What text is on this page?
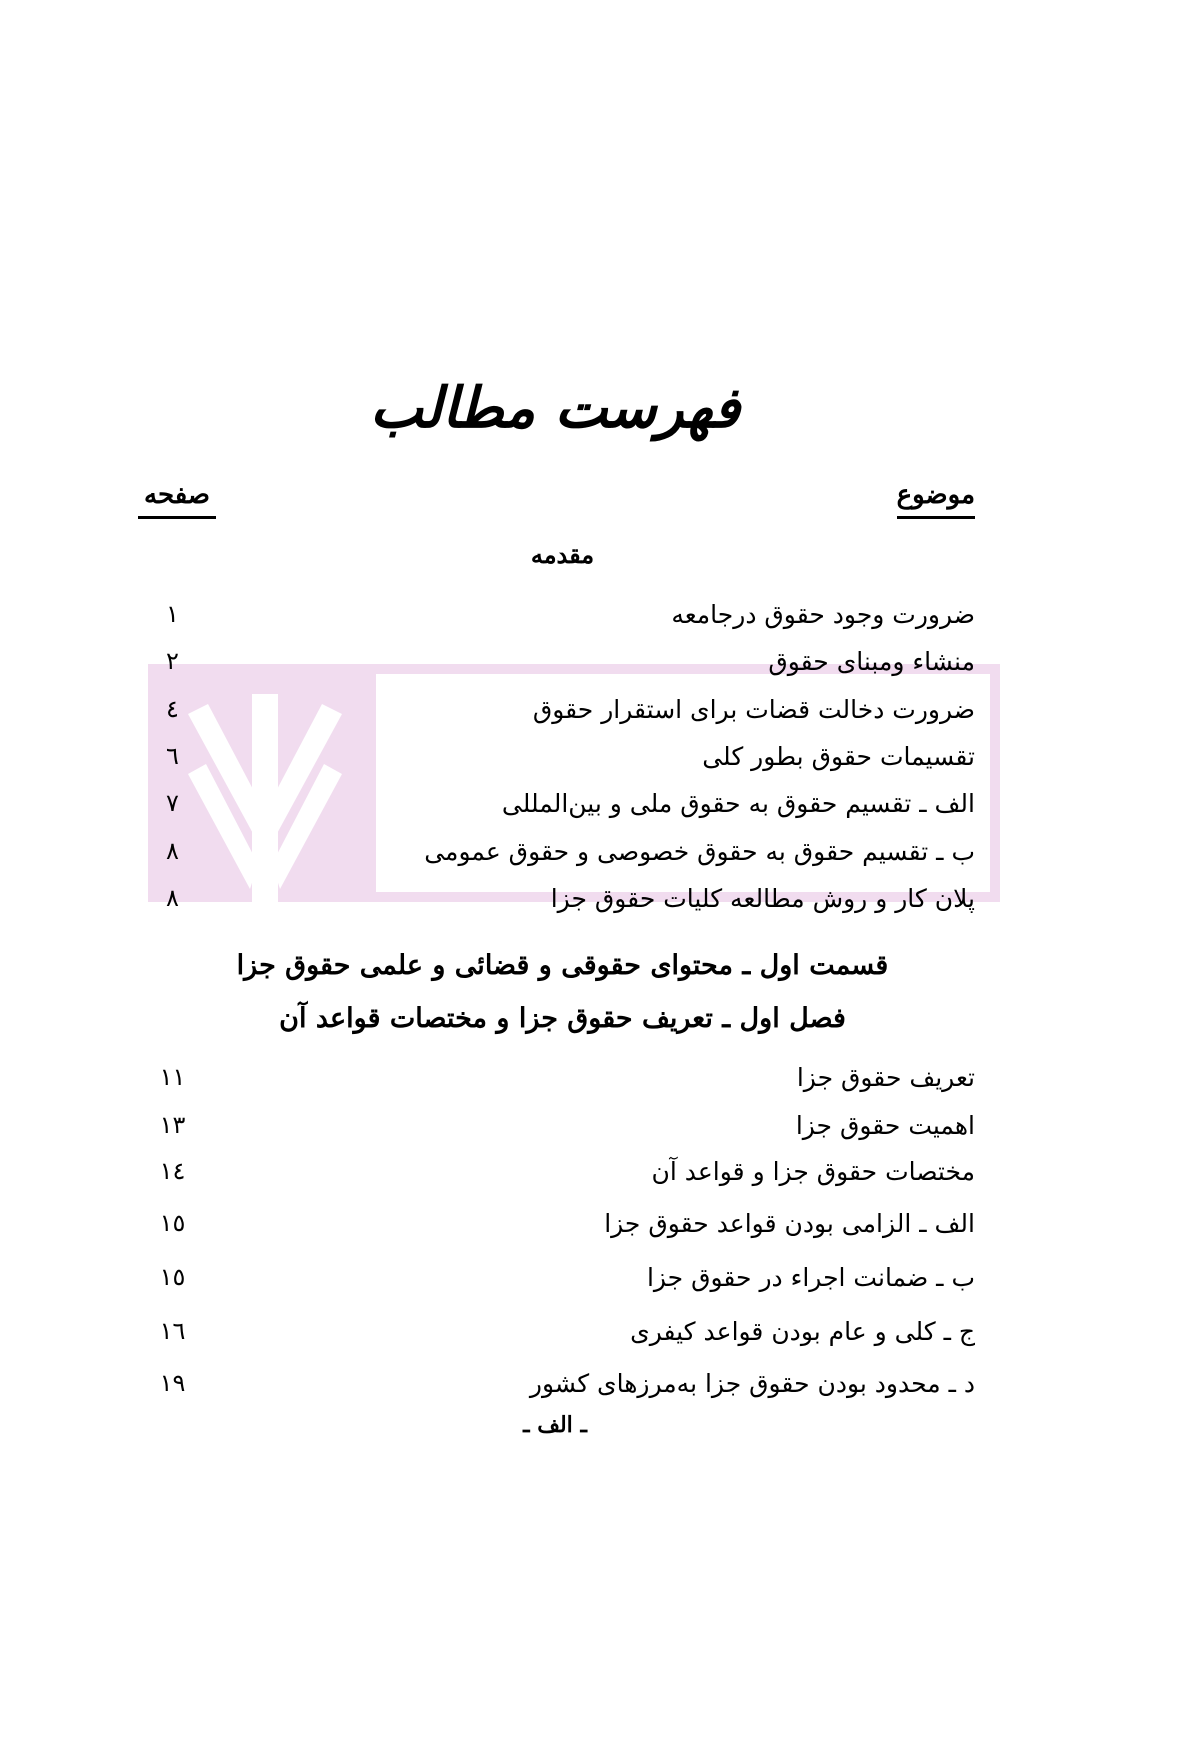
فهرست مطالب
موضوع
صفحه
مقدمه
ضرورت وجود حقوق درجامعه
١
منشاء ومبنای حقوق
٢
ضرورت دخالت قضات برای استقرار حقوق
٤
تقسیمات حقوق بطور کلی
٦
الف ـ تقسیم حقوق به حقوق ملی و بین‌المللی
٧
ب ـ تقسیم حقوق به حقوق خصوصی و حقوق عمومی
٨
پلان کار و روش مطالعه کلیات حقوق جزا
٨
قسمت اول ـ محتوای حقوقی و قضائی و علمی حقوق جزا
فصل اول ـ تعریف حقوق جزا و مختصات قواعد آن
تعریف حقوق جزا
١١
اهمیت حقوق جزا
١٣
مختصات حقوق جزا و قواعد آن
١٤
الف ـ الزامی بودن قواعد حقوق جزا
١٥
ب ـ ضمانت اجراء در حقوق جزا
١٥
ج ـ کلی و عام بودن قواعد کیفری
١٦
د ـ محدود بودن حقوق جزا به‌مرزهای کشور
١٩
ـ الف ـ
